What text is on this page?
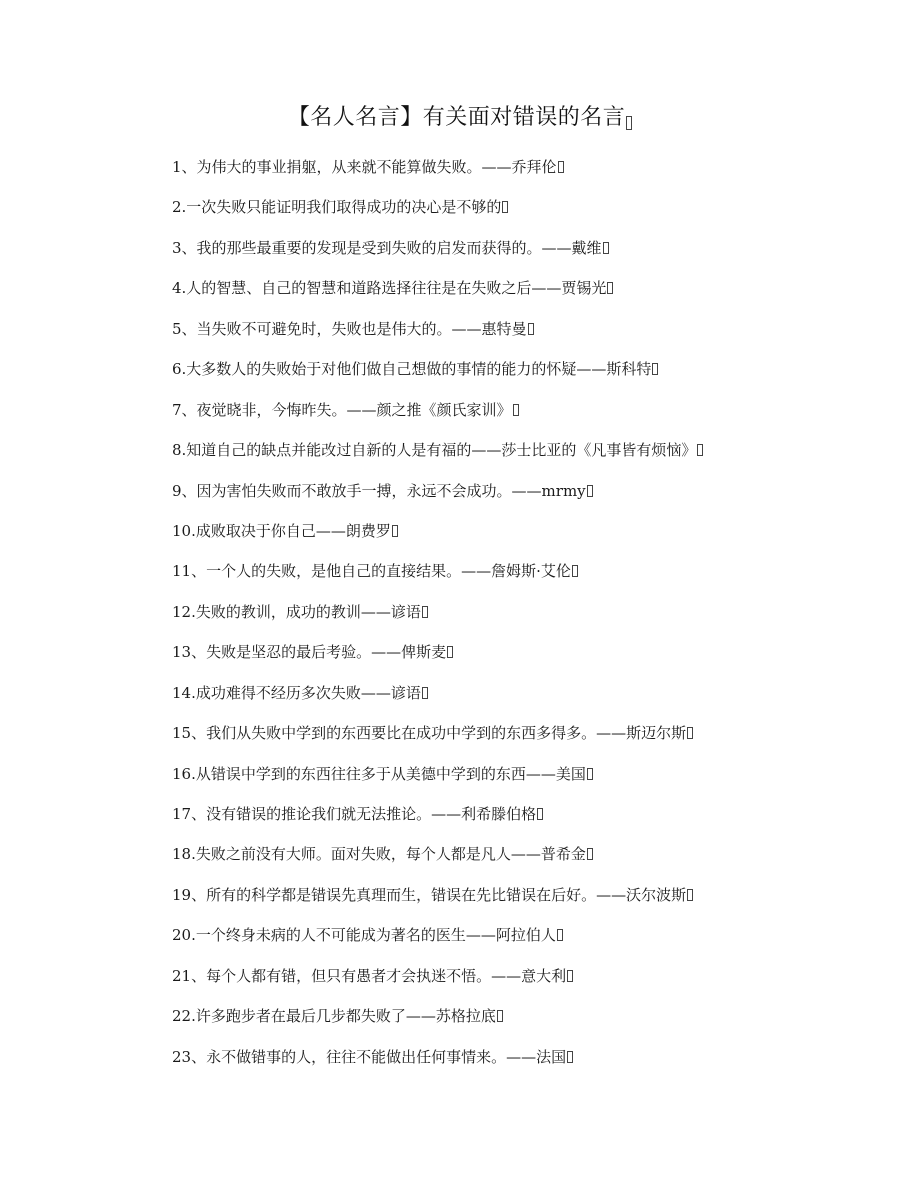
【名人名言】有关面对错误的名言
1、为伟大的事业捐躯，从来就不能算做失败。——乔拜伦
2.一次失败只能证明我们取得成功的决心是不够的
3、我的那些最重要的发现是受到失败的启发而获得的。——戴维
4.人的智慧、自己的智慧和道路选择往往是在失败之后——贾锡光
5、当失败不可避免时，失败也是伟大的。——惠特曼
6.大多数人的失败始于对他们做自己想做的事情的能力的怀疑——斯科特
7、夜觉晓非，今悔昨失。——颜之推《颜氏家训》
8.知道自己的缺点并能改过自新的人是有福的——莎士比亚的《凡事皆有烦恼》
9、因为害怕失败而不敢放手一搏，永远不会成功。——mrmy
10.成败取决于你自己——朗费罗
11、一个人的失败，是他自己的直接结果。——詹姆斯·艾伦
12.失败的教训，成功的教训——谚语
13、失败是坚忍的最后考验。——俾斯麦
14.成功难得不经历多次失败——谚语
15、我们从失败中学到的东西要比在成功中学到的东西多得多。——斯迈尔斯
16.从错误中学到的东西往往多于从美德中学到的东西——美国
17、没有错误的推论我们就无法推论。——利希滕伯格
18.失败之前没有大师。面对失败，每个人都是凡人——普希金
19、所有的科学都是错误先真理而生，错误在先比错误在后好。——沃尔波斯
20.一个终身未病的人不可能成为著名的医生——阿拉伯人
21、每个人都有错，但只有愚者才会执迷不悟。——意大利
22.许多跑步者在最后几步都失败了——苏格拉底
23、永不做错事的人，往往不能做出任何事情来。——法国
